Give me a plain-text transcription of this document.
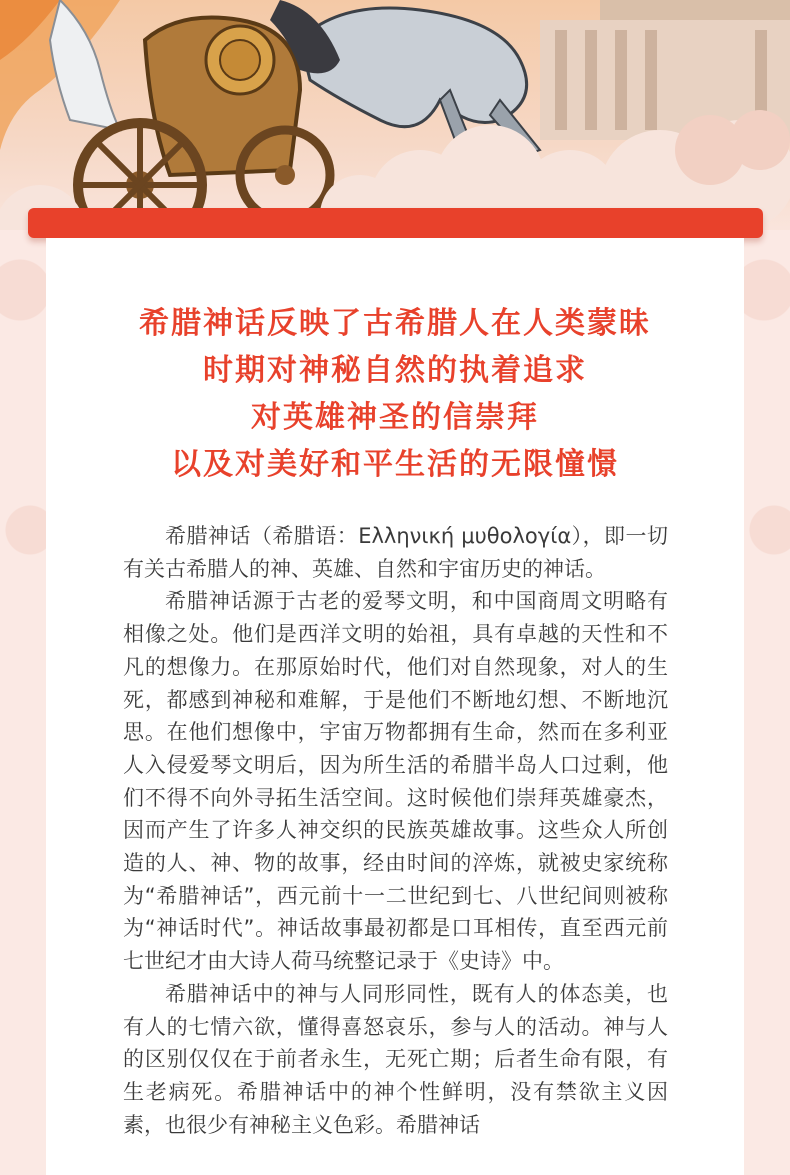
希腊神话反映了古希腊人在人类蒙昧
时期对神秘自然的执着追求
对英雄神圣的信崇拜
以及对美好和平生活的无限憧憬

希腊神话（希腊语：Ελληνική μυθολογία），即一切有关古希腊人的神、英雄、自然和宇宙历史的神话。

希腊神话源于古老的爱琴文明，和中国商周文明略有相像之处。他们是西洋文明的始祖，具有卓越的天性和不凡的想像力。在那原始时代，他们对自然现象，对人的生死，都感到神秘和难解，于是他们不断地幻想、不断地沉思。在他们想像中，宇宙万物都拥有生命，然而在多利亚人入侵爱琴文明后，因为所生活的希腊半岛人口过剩，他们不得不向外寻拓生活空间。这时候他们崇拜英雄豪杰，因而产生了许多人神交织的民族英雄故事。这些众人所创造的人、神、物的故事，经由时间的淬炼，就被史家统称为“希腊神话”，西元前十一二世纪到七、八世纪间则被称为“神话时代”。神话故事最初都是口耳相传，直至西元前七世纪才由大诗人荷马统整记录于《史诗》中。

希腊神话中的神与人同形同性，既有人的体态美，也有人的七情六欲，懂得喜怒哀乐，参与人的活动。神与人的区别仅仅在于前者永生，无死亡期；后者生命有限，有生老病死。希腊神话中的神个性鲜明，没有禁欲主义因素，也很少有神秘主义色彩。希腊神话
